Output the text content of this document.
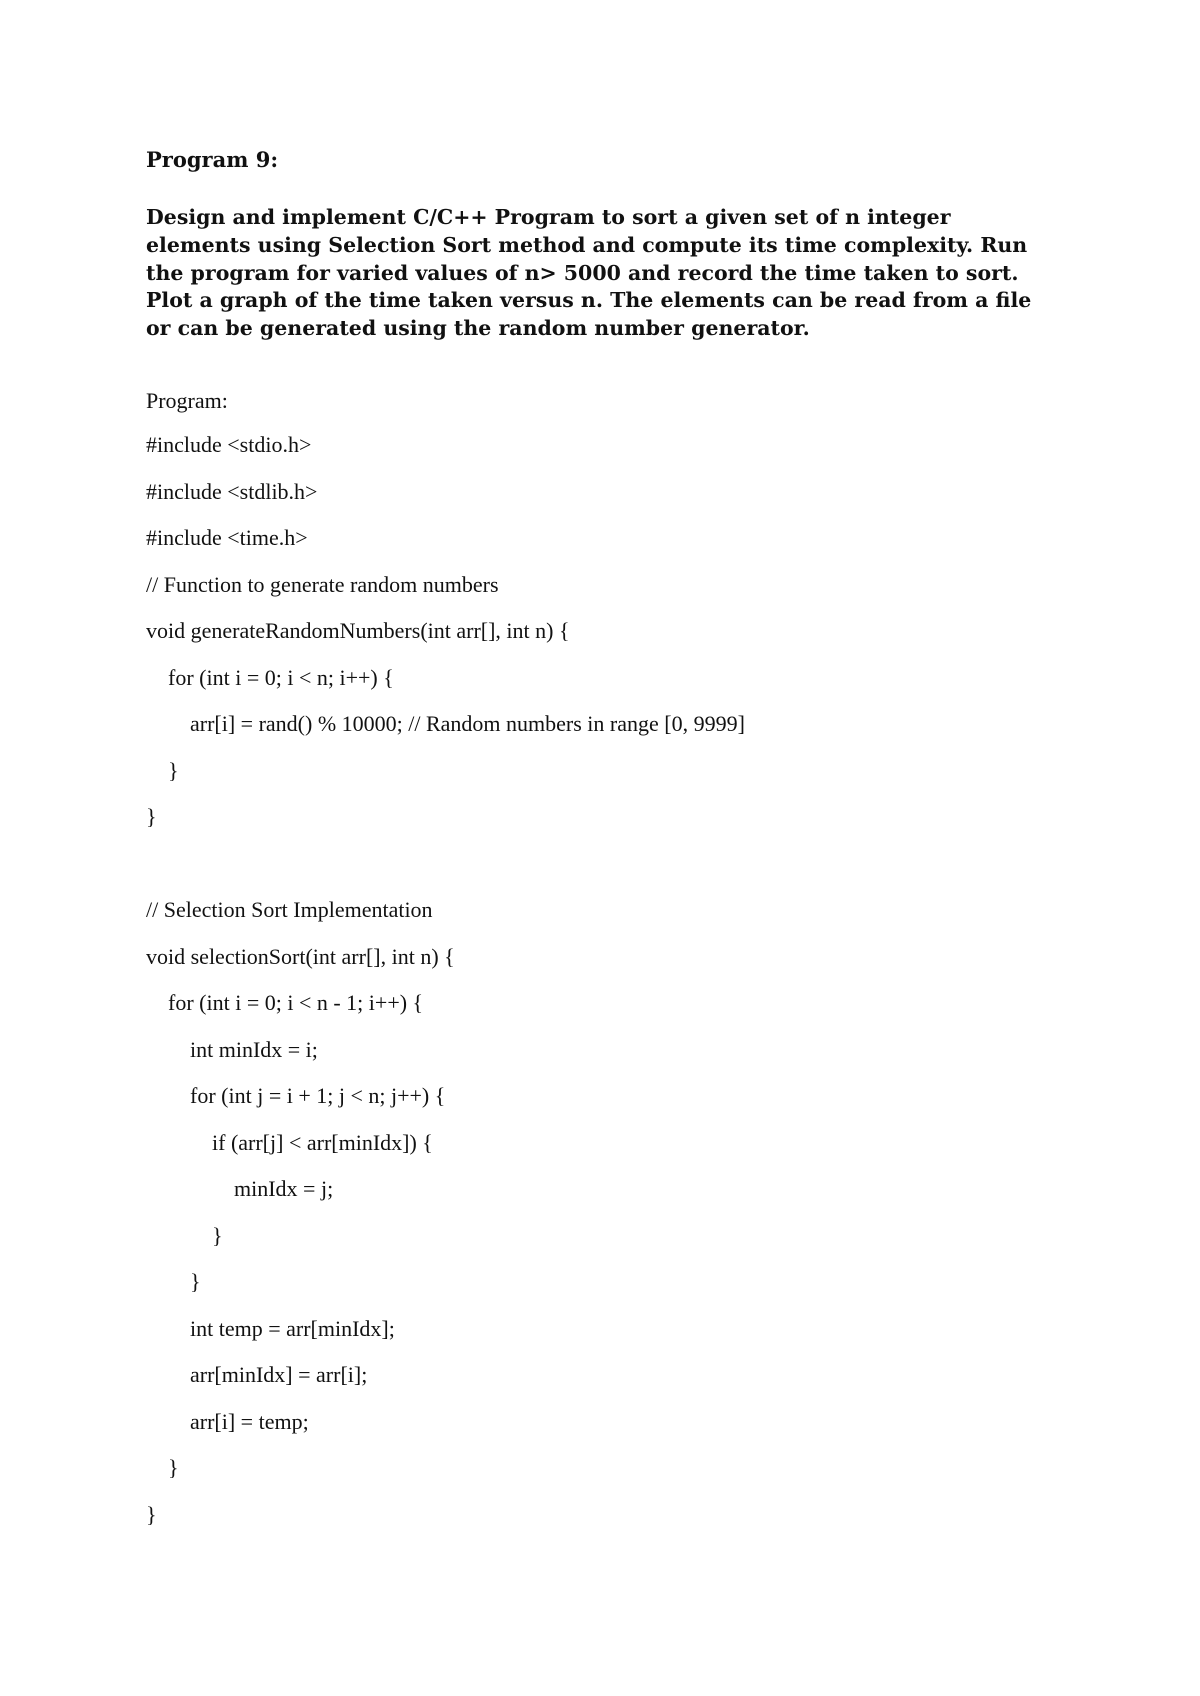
Program 9:

Design and implement C/C++ Program to sort a given set of n integer elements using Selection Sort method and compute its time complexity. Run the program for varied values of n> 5000 and record the time taken to sort. Plot a graph of the time taken versus n. The elements can be read from a file or can be generated using the random number generator.

Program:

#include <stdio.h>
#include <stdlib.h>
#include <time.h>
// Function to generate random numbers
void generateRandomNumbers(int arr[], int n) {
for (int i = 0; i < n; i++) {
arr[i] = rand() % 10000; // Random numbers in range [0, 9999]
}
}
// Selection Sort Implementation
void selectionSort(int arr[], int n) {
for (int i = 0; i < n - 1; i++) {
int minIdx = i;
for (int j = i + 1; j < n; j++) {
if (arr[j] < arr[minIdx]) {
minIdx = j;
}
}
int temp = arr[minIdx];
arr[minIdx] = arr[i];
arr[i] = temp;
}
}
